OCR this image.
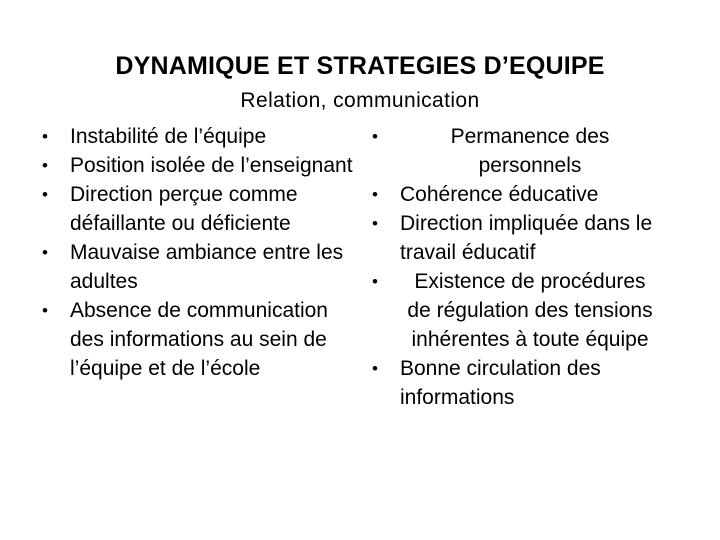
DYNAMIQUE ET STRATEGIES D’EQUIPE
Relation, communication
• Instabilité de l’équipe
• Position isolée de l’enseignant
• Direction perçue comme défaillante ou déficiente
• Mauvaise ambiance entre les adultes
• Absence de communication des informations au sein de l’équipe et de l’école
•	Permanence des personnels
• Cohérence éducative
• Direction impliquée dans le travail éducatif
•	Existence de procédures de régulation des tensions inhérentes à toute équipe
• Bonne circulation des informations
